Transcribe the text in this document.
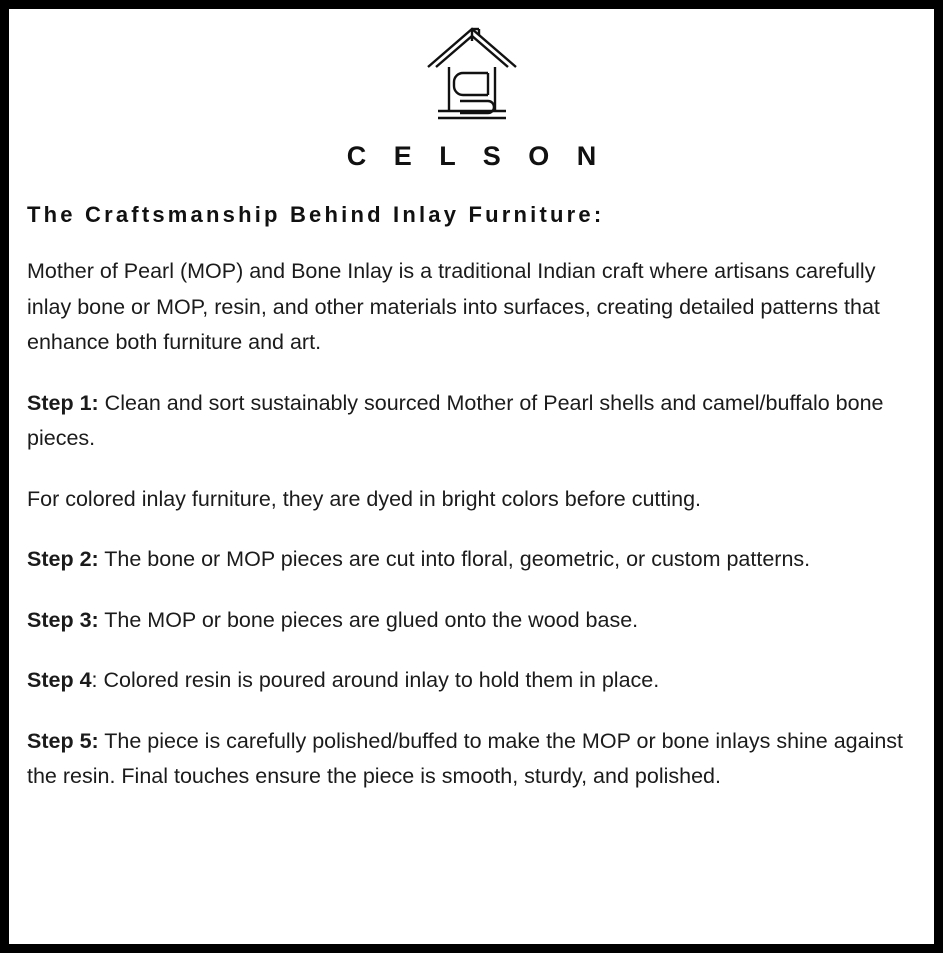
C E L S O N
The Craftsmanship Behind Inlay Furniture:

Mother of Pearl (MOP) and Bone Inlay is a traditional Indian craft where artisans carefully inlay bone or MOP, resin, and other materials into surfaces, creating detailed patterns that enhance both furniture and art.

Step 1: Clean and sort sustainably sourced Mother of Pearl shells and camel/buffalo bone pieces.

For colored inlay furniture, they are dyed in bright colors before cutting.

Step 2: The bone or MOP pieces are cut into floral, geometric, or custom patterns.

Step 3: The MOP or bone pieces are glued onto the wood base.

Step 4: Colored resin is poured around inlay to hold them in place.

Step 5: The piece is carefully polished/buffed to make the MOP or bone inlays shine against the resin. Final touches ensure the piece is smooth, sturdy, and polished.
